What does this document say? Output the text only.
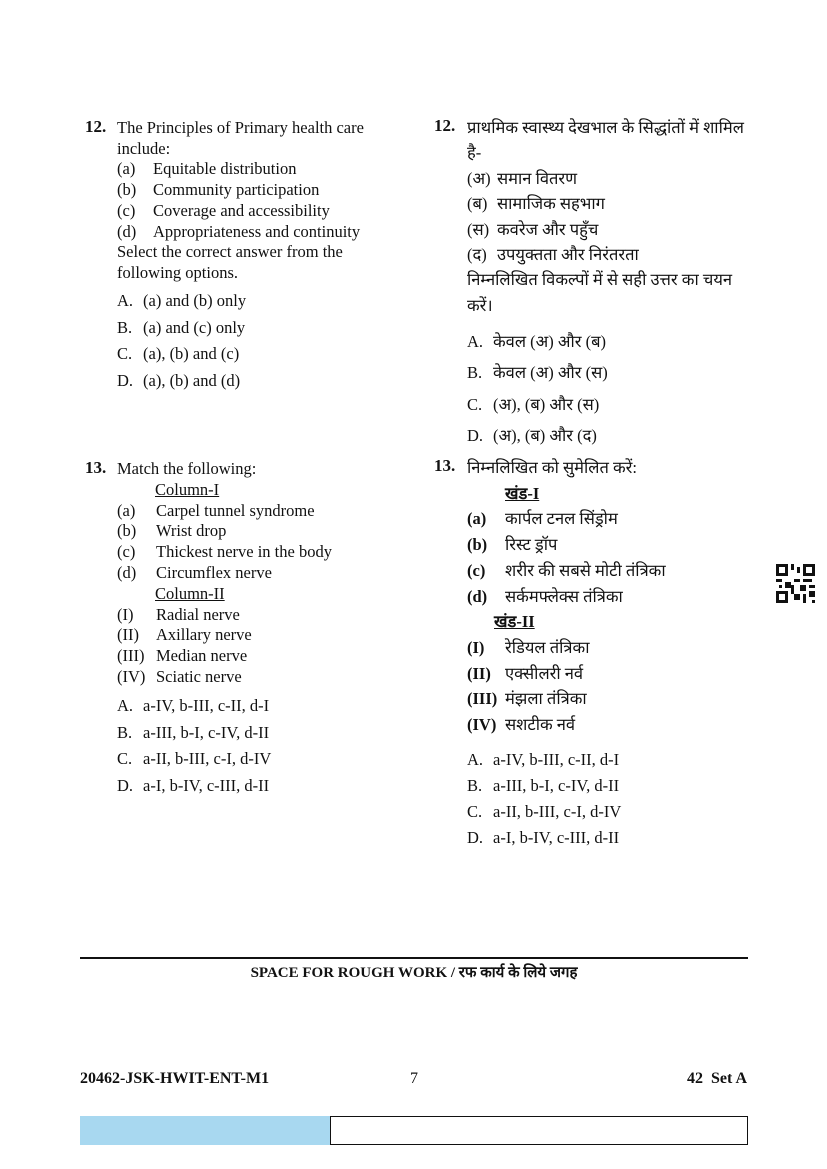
12. The Principles of Primary health care
include:
(a) Equitable distribution
(b) Community participation
(c) Coverage and accessibility
(d) Appropriateness and continuity
Select the correct answer from the
following options.
A. (a) and (b) only
B. (a) and (c) only
C. (a), (b) and (c)
D. (a), (b) and (d)
13. Match the following:
Column-I
(a) Carpel tunnel syndrome
(b) Wrist drop
(c) Thickest nerve in the body
(d) Circumflex nerve
Column-II
(I) Radial nerve
(II) Axillary nerve
(III) Median nerve
(IV) Sciatic nerve
A. a-IV, b-III, c-II, d-I
B. a-III, b-I, c-IV, d-II
C. a-II, b-III, c-I, d-IV
D. a-I, b-IV, c-III, d-II
12. प्राथमिक स्वास्थ्य देखभाल के सिद्धांतों में शामिल
है-
(अ) समान वितरण
(ब) सामाजिक सहभाग
(स) कवरेज और पहुँच
(द) उपयुक्तता और निरंतरता
निम्नलिखित विकल्पों में से सही उत्तर का चयन
करें।
A. केवल (अ) और (ब)
B. केवल (अ) और (स)
C. (अ), (ब) और (स)
D. (अ), (ब) और (द)
13. निम्नलिखित को सुमेलित करें:
खंड-I
(a) कार्पल टनल सिंड्रोम
(b) रिस्ट ड्रॉप
(c) शरीर की सबसे मोटी तंत्रिका
(d) सर्कमफ्लेक्स तंत्रिका
खंड-II
(I) रेडियल तंत्रिका
(II) एक्सीलरी नर्व
(III) मंझला तंत्रिका
(IV) सशटीक नर्व
A. a-IV, b-III, c-II, d-I
B. a-III, b-I, c-IV, d-II
C. a-II, b-III, c-I, d-IV
D. a-I, b-IV, c-III, d-II
SPACE FOR ROUGH WORK / रफ कार्य के लिये जगह
20462-JSK-HWIT-ENT-M1	7	42  Set A
